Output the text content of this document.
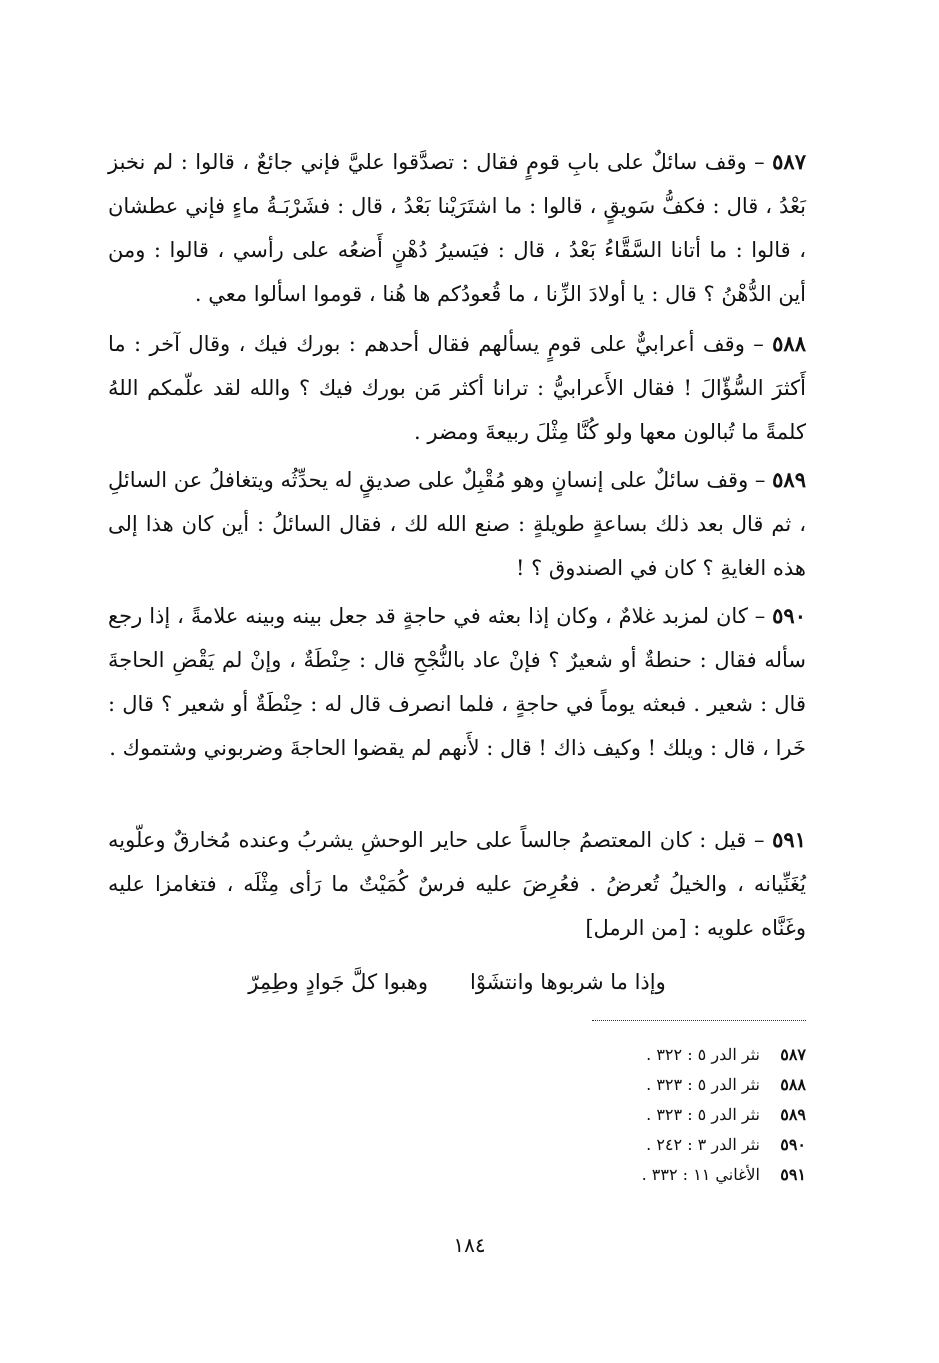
٥٨٧ – وقف سائلٌ على بابِ قومٍ فقال : تصدَّقوا عليَّ فإني جائعٌ ، قالوا : لم نخبز بَعْدُ ، قال : فكفُّ سَويقٍ ، قالوا : ما اشتَرَيْنا بَعْدُ ، قال : فشَرْبَـةُ ماءٍ فإني عطشان ، قالوا : ما أتانا السَّقَّاءُ بَعْدُ ، قال : فيَسيرُ دُهْنٍ أَضعُه على رأسي ، قالوا : ومن أين الدُّهْنُ ؟ قال : يا أولادَ الزِّنا ، ما قُعودُكم ها هُنا ، قوموا اسألوا معي .

٥٨٨ – وقف أعرابيٌّ على قومٍ يسألهم فقال أحدهم : بورك فيك ، وقال آخر : ما أَكثرَ السُّؤّالَ ! فقال الأَعرابيُّ : ترانا أكثر مَن بورك فيك ؟ والله لقد علّمكم اللهُ كلمةً ما تُبالون معها ولو كُنَّا مِثْلَ ربيعةَ ومضر .

٥٨٩ – وقف سائلٌ على إنسانٍ وهو مُقْبِلٌ على صديقٍ له يحدِّثُه ويتغافلُ عن السائلِ ، ثم قال بعد ذلك بساعةٍ طويلةٍ : صنع الله لك ، فقال السائلُ : أين كان هذا إلى هذه الغايةِ ؟ كان في الصندوق ؟ !

٥٩٠ – كان لمزبد غلامٌ ، وكان إذا بعثه في حاجةٍ قد جعل بينه وبينه علامةً ، إذا رجع سأله فقال : حنطةٌ أو شعيرٌ ؟ فإنْ عاد بالنُّجْحِ قال : حِنْطَةٌ ، وإنْ لم يَقْضِ الحاجةَ قال : شعير . فبعثه يوماً في حاجةٍ ، فلما انصرف قال له : حِنْطَةٌ أو شعير ؟ قال : خَرا ، قال : ويلك ! وكيف ذاك ! قال : لأَنهم لم يقضوا الحاجةَ وضربوني وشتموك .

٥٩١ – قيل : كان المعتصمُ جالساً على حاير الوحشِ يشربُ وعنده مُخارقٌ وعلّويه يُغَنِّيانه ، والخيلُ تُعرضُ . فعُرِضَ عليه فرسٌ كُمَيْتٌ ما رَأى مِثْلَه ، فتغامزا عليه وغَنَّاه علويه : [من الرمل]

وإذا ما شربوها وانتشَوْا
وهبوا كلَّ جَوادٍ وطِمِرّ
٥٨٧
نثر الدر ٥ : ٣٢٢ .
٥٨٨
نثر الدر ٥ : ٣٢٣ .
٥٨٩
نثر الدر ٥ : ٣٢٣ .
٥٩٠
نثر الدر ٣ : ٢٤٢ .
٥٩١
الأغاني ١١ : ٣٣٢ .
١٨٤
